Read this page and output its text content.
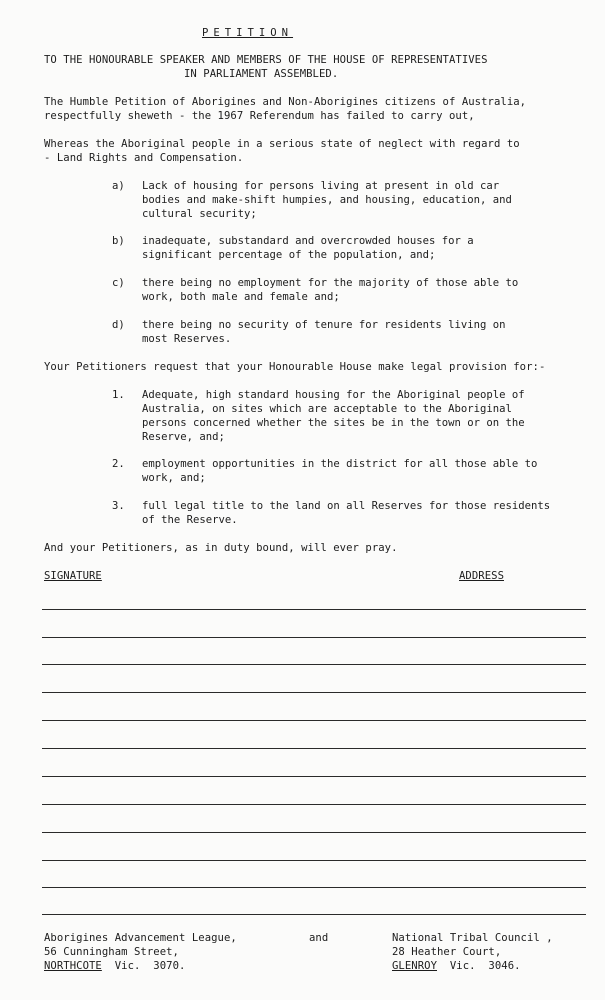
PETITION
TO THE HONOURABLE SPEAKER AND MEMBERS OF THE HOUSE OF REPRESENTATIVES
IN PARLIAMENT ASSEMBLED.
The Humble Petition of Aborigines and Non-Aborigines citizens of Australia,
respectfully sheweth - the 1967 Referendum has failed to carry out,
Whereas the Aboriginal people in a serious state of neglect with regard to
- Land Rights and Compensation.
a) Lack of housing for persons living at present in old car
bodies and make-shift humpies, and housing, education, and
cultural security;
b) inadequate, substandard and overcrowded houses for a
significant percentage of the population, and;
c) there being no employment for the majority of those able to
work, both male and female and;
d) there being no security of tenure for residents living on
most Reserves.
Your Petitioners request that your Honourable House make legal provision for:-
1. Adequate, high standard housing for the Aboriginal people of
Australia, on sites which are acceptable to the Aboriginal
persons concerned whether the sites be in the town or on the
Reserve, and;
2. employment opportunities in the district for all those able to
work, and;
3. full legal title to the land on all Reserves for those residents
of the Reserve.
And your Petitioners, as in duty bound, will ever pray.
SIGNATURE	ADDRESS
Aborigines Advancement League,
56 Cunningham Street,
NORTHCOTE Vic.  3070.
and	National Tribal Council ,
28 Heather Court,
GLENROY Vic.  3046.
